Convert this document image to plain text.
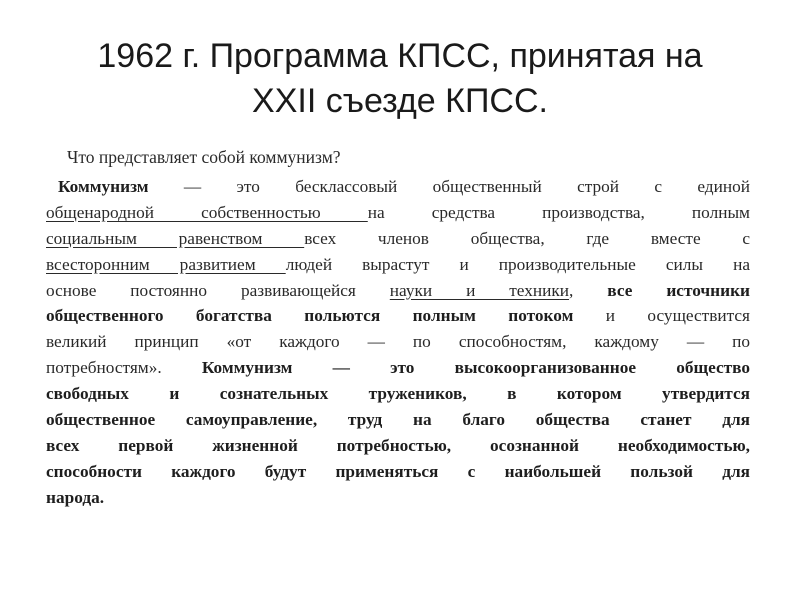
1962 г. Программа КПСС, принятая на
XXII съезде КПСС.
Что представляет собой коммунизм?
Коммунизм — это бесклассовый общественный строй с единой
общенародной собственностью на средства производства, полным
социальным равенством всех членов общества, где вместе с
всесторонним развитием людей вырастут и производительные силы на
основе постоянно развивающейся науки и техники, все источники
общественного богатства польются полным потоком и осуществится
великий принцип «от каждого — по способностям, каждому — по
потребностям». Коммунизм — это высокоорганизованное общество
свободных и сознательных тружеников, в котором утвердится
общественное самоуправление, труд на благо общества станет для
всех первой жизненной потребностью, осознанной необходимостью,
способности каждого будут применяться с наибольшей пользой для
народа.
